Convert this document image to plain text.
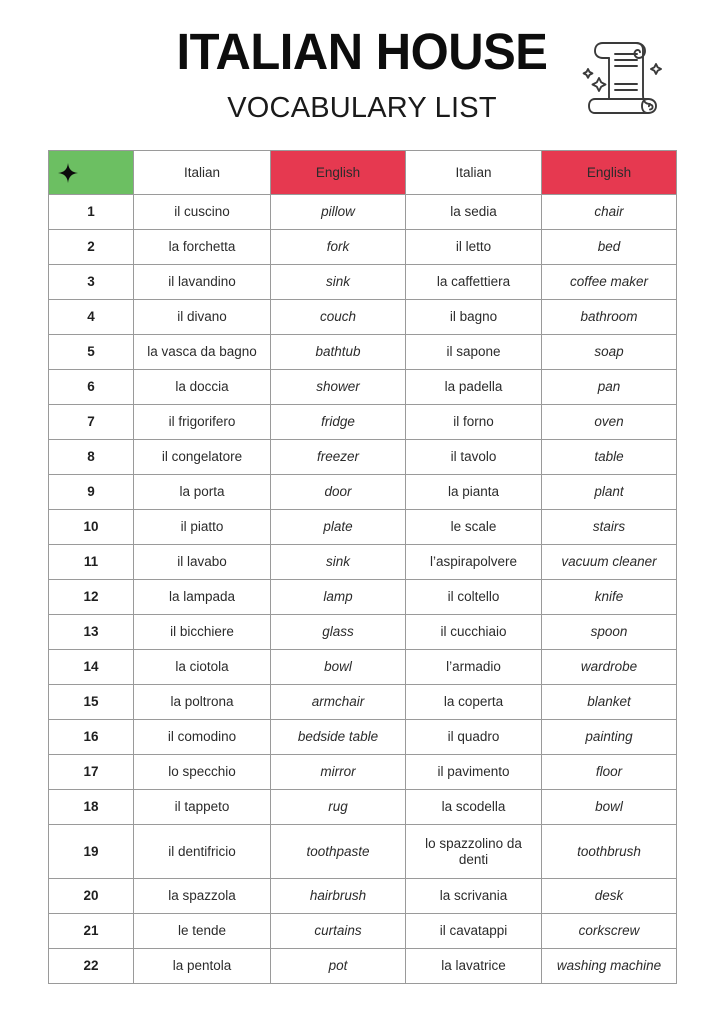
ITALIAN HOUSE
VOCABULARY LIST
	Italian	English	Italian	English
1	il cuscino	pillow	la sedia	chair
2	la forchetta	fork	il letto	bed
3	il lavandino	sink	la caffettiera	coffee maker
4	il divano	couch	il bagno	bathroom
5	la vasca da bagno	bathtub	il sapone	soap
6	la doccia	shower	la padella	pan
7	il frigorifero	fridge	il forno	oven
8	il congelatore	freezer	il tavolo	table
9	la porta	door	la pianta	plant
10	il piatto	plate	le scale	stairs
11	il lavabo	sink	l’aspirapolvere	vacuum cleaner
12	la lampada	lamp	il coltello	knife
13	il bicchiere	glass	il cucchiaio	spoon
14	la ciotola	bowl	l’armadio	wardrobe
15	la poltrona	armchair	la coperta	blanket
16	il comodino	bedside table	il quadro	painting
17	lo specchio	mirror	il pavimento	floor
18	il tappeto	rug	la scodella	bowl
19	il dentifricio	toothpaste	lo spazzolino da denti	toothbrush
20	la spazzola	hairbrush	la scrivania	desk
21	le tende	curtains	il cavatappi	corkscrew
22	la pentola	pot	la lavatrice	washing machine
